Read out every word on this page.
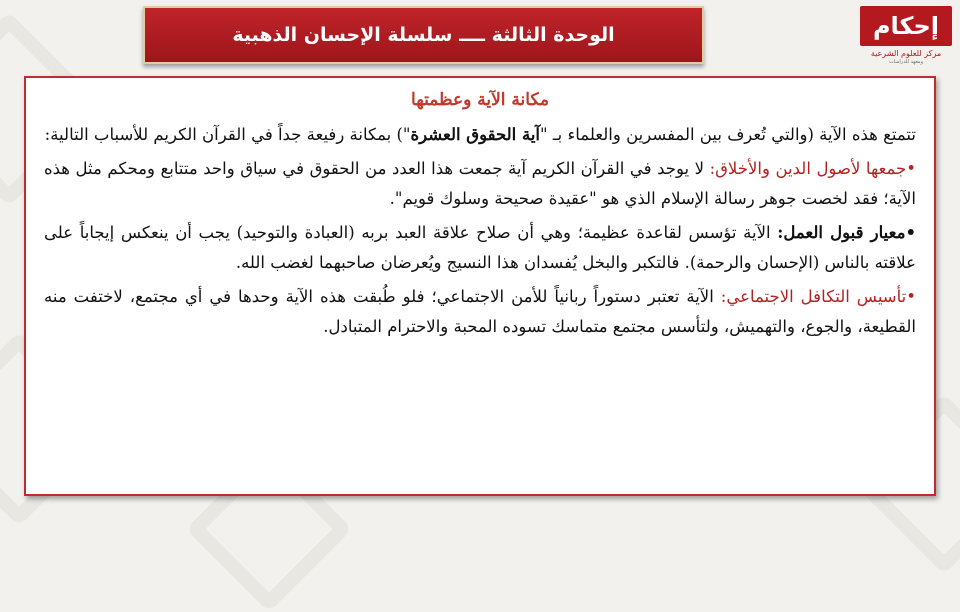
الوحدة الثالثة ــــ سلسلة الإحسان الذهبية	إحكام
مركز للعلوم الشرعية
ومعهد للدراسات
مكانة الآية وعظمتها

تتمتع هذه الآية (والتي تُعرف بين المفسرين والعلماء بـ "آية الحقوق العشرة") بمكانة رفيعة جداً في القرآن الكريم للأسباب التالية:

•جمعها لأصول الدين والأخلاق: لا يوجد في القرآن الكريم آية جمعت هذا العدد من الحقوق في سياق واحد متتابع ومحكم مثل هذه الآية؛ فقد لخصت جوهر رسالة الإسلام الذي هو "عقيدة صحيحة وسلوك قويم".

•معيار قبول العمل: الآية تؤسس لقاعدة عظيمة؛ وهي أن صلاح علاقة العبد بربه (العبادة والتوحيد) يجب أن ينعكس إيجاباً على علاقته بالناس (الإحسان والرحمة). فالتكبر والبخل يُفسدان هذا النسيج ويُعرضان صاحبهما لغضب الله.

•تأسيس التكافل الاجتماعي: الآية تعتبر دستوراً ربانياً للأمن الاجتماعي؛ فلو طُبقت هذه الآية وحدها في أي مجتمع، لاختفت منه القطيعة، والجوع، والتهميش، ولتأسس مجتمع متماسك تسوده المحبة والاحترام المتبادل.
